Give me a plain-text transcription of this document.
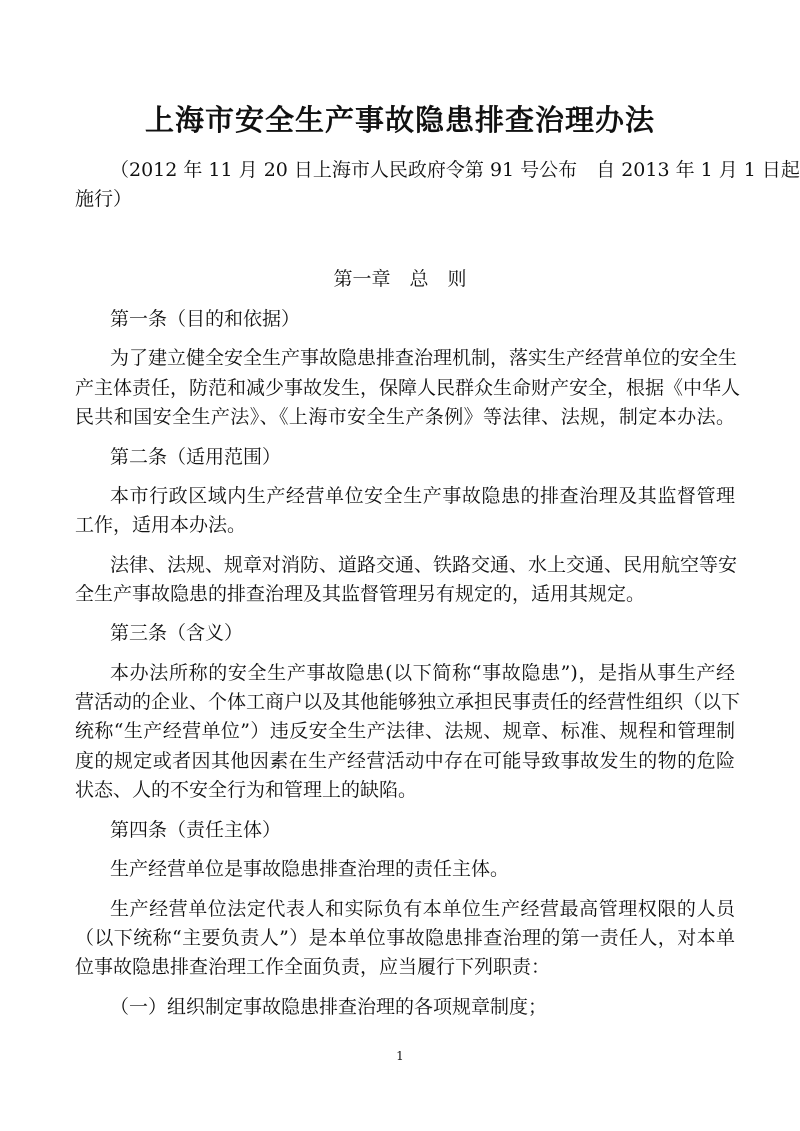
上海市安全生产事故隐患排查治理办法
（2012 年 11 月 20 日上海市人民政府令第 91 号公布　自 2013 年 1 月 1 日起
施行）
第一章　总　则
第一条（目的和依据）
为了建立健全安全生产事故隐患排查治理机制，落实生产经营单位的安全生
产主体责任，防范和减少事故发生，保障人民群众生命财产安全，根据《中华人
民共和国安全生产法》、《上海市安全生产条例》等法律、法规，制定本办法。
第二条（适用范围）
本市行政区域内生产经营单位安全生产事故隐患的排查治理及其监督管理
工作，适用本办法。
法律、法规、规章对消防、道路交通、铁路交通、水上交通、民用航空等安
全生产事故隐患的排查治理及其监督管理另有规定的，适用其规定。
第三条（含义）
本办法所称的安全生产事故隐患(以下简称“事故隐患”)，是指从事生产经
营活动的企业、个体工商户以及其他能够独立承担民事责任的经营性组织（以下
统称“生产经营单位”）违反安全生产法律、法规、规章、标准、规程和管理制
度的规定或者因其他因素在生产经营活动中存在可能导致事故发生的物的危险
状态、人的不安全行为和管理上的缺陷。
第四条（责任主体）
生产经营单位是事故隐患排查治理的责任主体。
生产经营单位法定代表人和实际负有本单位生产经营最高管理权限的人员
（以下统称“主要负责人”）是本单位事故隐患排查治理的第一责任人，对本单
位事故隐患排查治理工作全面负责，应当履行下列职责：
（一）组织制定事故隐患排查治理的各项规章制度；
1
